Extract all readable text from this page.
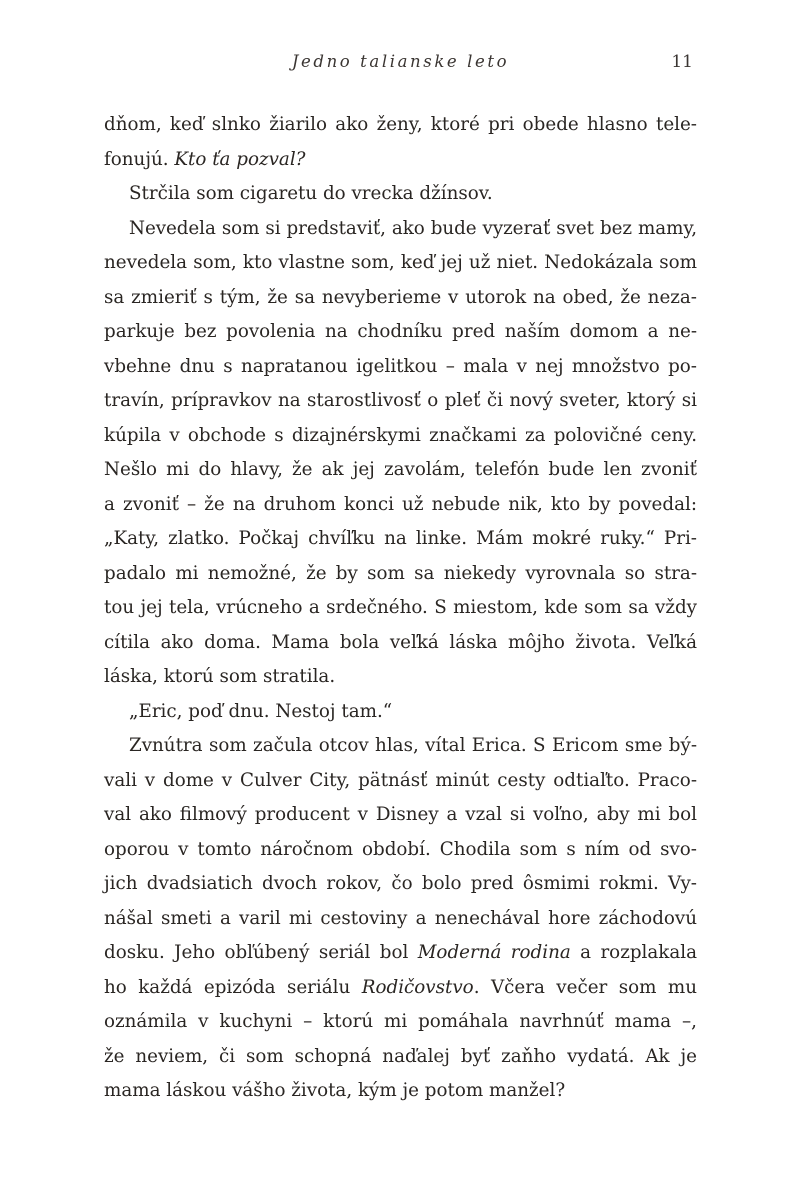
Jedno talianske leto	11
dňom, keď slnko žiarilo ako ženy, ktoré pri obede hlasno tele-
fonujú. Kto ťa pozval?
Strčila som cigaretu do vrecka džínsov.
Nevedela som si predstaviť, ako bude vyzerať svet bez mamy,
nevedela som, kto vlastne som, keď jej už niet. Nedokázala som
sa zmieriť s tým, že sa nevyberieme v utorok na obed, že neza-
parkuje bez povolenia na chodníku pred naším domom a ne-
vbehne dnu s napratanou igelitkou – mala v nej množstvo po-
travín, prípravkov na starostlivosť o pleť či nový sveter, ktorý si
kúpila v obchode s dizajnérskymi značkami za polovičné ceny.
Nešlo mi do hlavy, že ak jej zavolám, telefón bude len zvoniť
a zvoniť – že na druhom konci už nebude nik, kto by povedal:
„Katy, zlatko. Počkaj chvíľku na linke. Mám mokré ruky.“ Pri-
padalo mi nemožné, že by som sa niekedy vyrovnala so stra-
tou jej tela, vrúcneho a srdečného. S miestom, kde som sa vždy
cítila ako doma. Mama bola veľká láska môjho života. Veľká
láska, ktorú som stratila.
„Eric, poď dnu. Nestoj tam.“
Zvnútra som začula otcov hlas, vítal Erica. S Ericom sme bý-
vali v dome v Culver City, pätnásť minút cesty odtiaľto. Praco-
val ako filmový producent v Disney a vzal si voľno, aby mi bol
oporou v tomto náročnom období. Chodila som s ním od svo-
jich dvadsiatich dvoch rokov, čo bolo pred ôsmimi rokmi. Vy-
nášal smeti a varil mi cestoviny a nenechával hore záchodovú
dosku. Jeho obľúbený seriál bol Moderná rodina a rozplakala
ho každá epizóda seriálu Rodičovstvo. Včera večer som mu
oznámila v kuchyni – ktorú mi pomáhala navrhnúť mama –,
že neviem, či som schopná naďalej byť zaňho vydatá. Ak je
mama láskou vášho života, kým je potom manžel?
